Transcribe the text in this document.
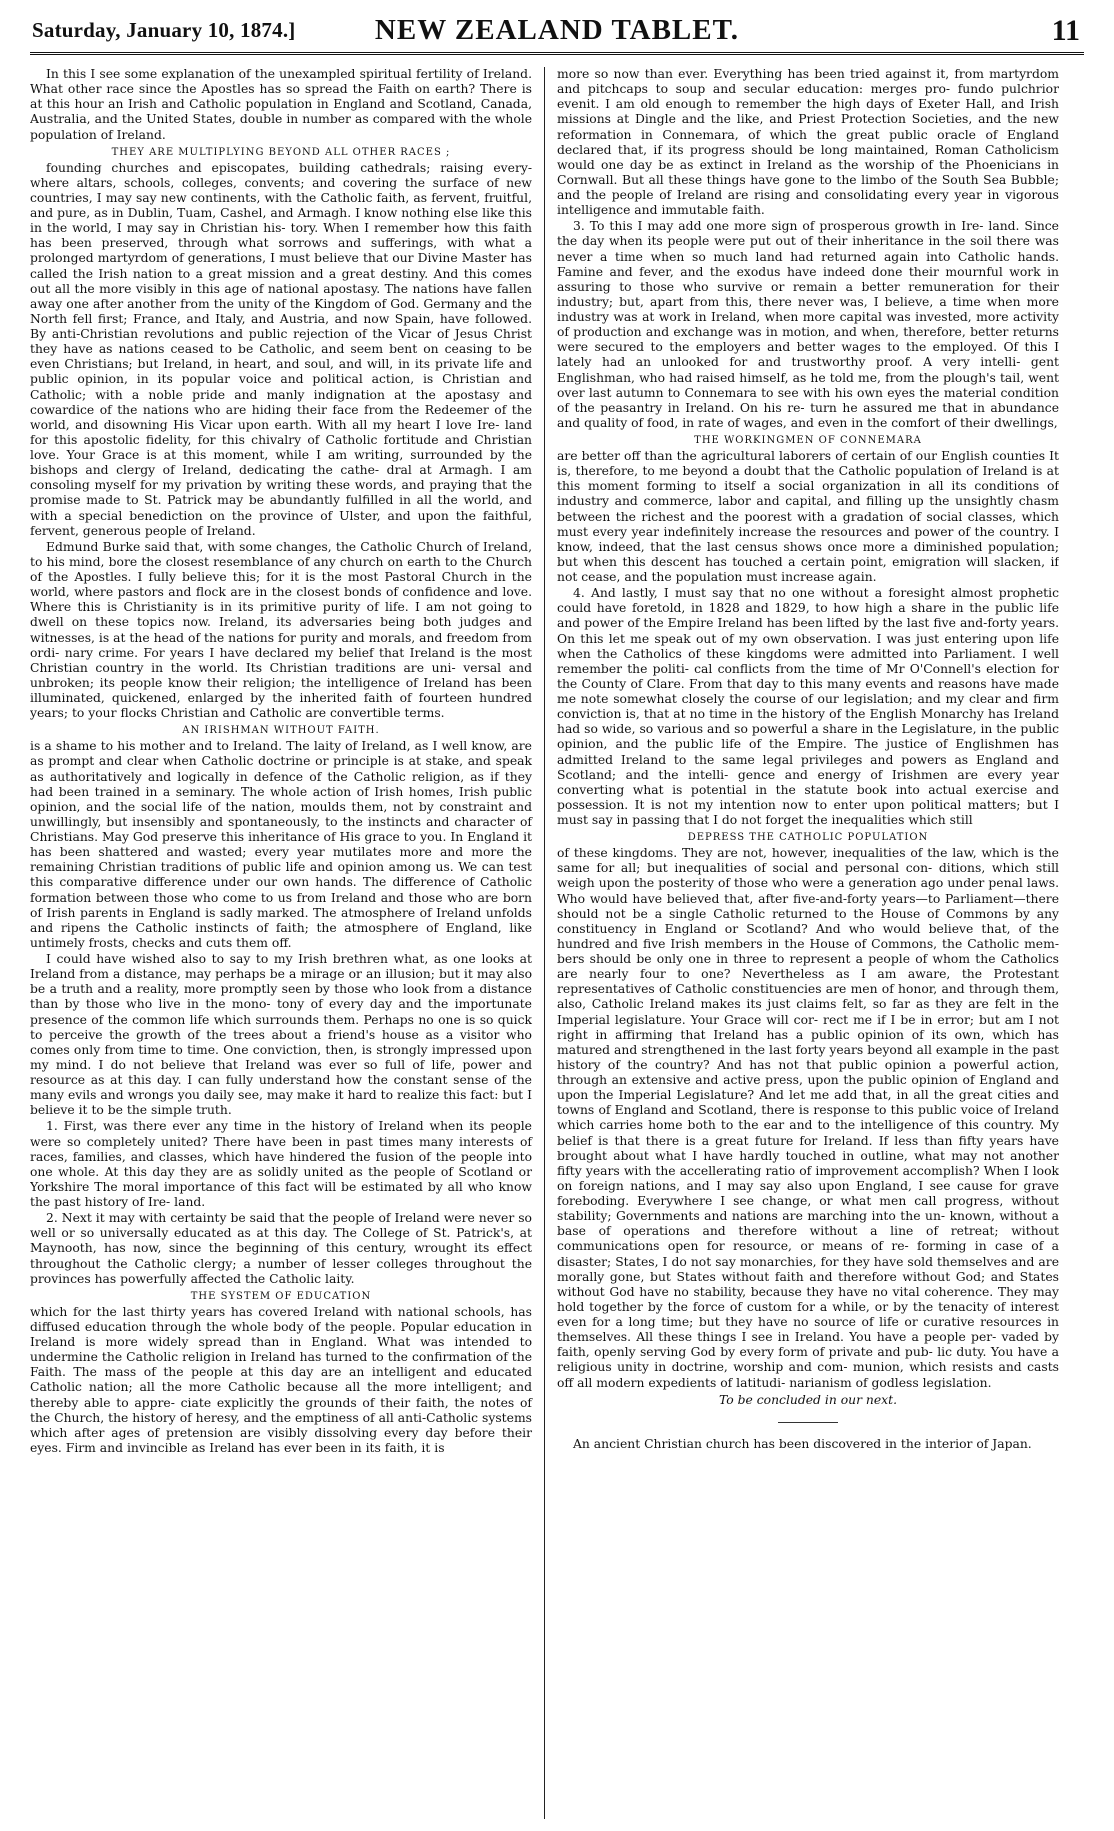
Saturday, January 10, 1874.]	NEW ZEALAND TABLET.	11

In this I see some explanation of the unexampled spiritual fertility of Ireland. What other race since the Apostles has so spread the Faith on earth? There is at this hour an Irish and Catholic population in England and Scotland, Canada, Australia, and the United States, double in number as compared with the whole population of Ireland.

THEY ARE MULTIPLYING BEYOND ALL OTHER RACES ;

founding churches and episcopates, building cathedrals; raising every- where altars, schools, colleges, convents; and covering the surface of new countries, I may say new continents, with the Catholic faith, as fervent, fruitful, and pure, as in Dublin, Tuam, Cashel, and Armagh. I know nothing else like this in the world, I may say in Christian his- tory. When I remember how this faith has been preserved, through what sorrows and sufferings, with what a prolonged martyrdom of generations, I must believe that our Divine Master has called the Irish nation to a great mission and a great destiny. And this comes out all the more visibly in this age of national apostasy. The nations have fallen away one after another from the unity of the Kingdom of God. Germany and the North fell first; France, and Italy, and Austria, and now Spain, have followed. By anti-Christian revolutions and public rejection of the Vicar of Jesus Christ they have as nations ceased to be Catholic, and seem bent on ceasing to be even Christians; but Ireland, in heart, and soul, and will, in its private life and public opinion, in its popular voice and political action, is Christian and Catholic; with a noble pride and manly indignation at the apostasy and cowardice of the nations who are hiding their face from the Redeemer of the world, and disowning His Vicar upon earth. With all my heart I love Ire- land for this apostolic fidelity, for this chivalry of Catholic fortitude and Christian love. Your Grace is at this moment, while I am writing, surrounded by the bishops and clergy of Ireland, dedicating the cathe- dral at Armagh. I am consoling myself for my privation by writing these words, and praying that the promise made to St. Patrick may be abundantly fulfilled in all the world, and with a special benediction on the province of Ulster, and upon the faithful, fervent, generous people of Ireland.

Edmund Burke said that, with some changes, the Catholic Church of Ireland, to his mind, bore the closest resemblance of any church on earth to the Church of the Apostles. I fully believe this; for it is the most Pastoral Church in the world, where pastors and flock are in the closest bonds of confidence and love. Where this is Christianity is in its primitive purity of life. I am not going to dwell on these topics now. Ireland, its adversaries being both judges and witnesses, is at the head of the nations for purity and morals, and freedom from ordi- nary crime. For years I have declared my belief that Ireland is the most Christian country in the world. Its Christian traditions are uni- versal and unbroken; its people know their religion; the intelligence of Ireland has been illuminated, quickened, enlarged by the inherited faith of fourteen hundred years; to your flocks Christian and Catholic are convertible terms.

AN IRISHMAN WITHOUT FAITH.

is a shame to his mother and to Ireland. The laity of Ireland, as I well know, are as prompt and clear when Catholic doctrine or principle is at stake, and speak as authoritatively and logically in defence of the Catholic religion, as if they had been trained in a seminary. The whole action of Irish homes, Irish public opinion, and the social life of the nation, moulds them, not by constraint and unwillingly, but insensibly and spontaneously, to the instincts and character of Christians. May God preserve this inheritance of His grace to you. In England it has been shattered and wasted; every year mutilates more and more the remaining Christian traditions of public life and opinion among us. We can test this comparative difference under our own hands. The difference of Catholic formation between those who come to us from Ireland and those who are born of Irish parents in England is sadly marked. The atmosphere of Ireland unfolds and ripens the Catholic instincts of faith; the atmosphere of England, like untimely frosts, checks and cuts them off.

I could have wished also to say to my Irish brethren what, as one looks at Ireland from a distance, may perhaps be a mirage or an illusion; but it may also be a truth and a reality, more promptly seen by those who look from a distance than by those who live in the mono- tony of every day and the importunate presence of the common life which surrounds them. Perhaps no one is so quick to perceive the growth of the trees about a friend's house as a visitor who comes only from time to time. One conviction, then, is strongly impressed upon my mind. I do not believe that Ireland was ever so full of life, power and resource as at this day. I can fully understand how the constant sense of the many evils and wrongs you daily see, may make it hard to realize this fact: but I believe it to be the simple truth.

1. First, was there ever any time in the history of Ireland when its people were so completely united? There have been in past times many interests of races, families, and classes, which have hindered the fusion of the people into one whole. At this day they are as solidly united as the people of Scotland or Yorkshire The moral importance of this fact will be estimated by all who know the past history of Ire- land.

2. Next it may with certainty be said that the people of Ireland were never so well or so universally educated as at this day. The College of St. Patrick's, at Maynooth, has now, since the beginning of this century, wrought its effect throughout the Catholic clergy; a number of lesser colleges throughout the provinces has powerfully affected the Catholic laity.

THE SYSTEM OF EDUCATION

which for the last thirty years has covered Ireland with national schools, has diffused education through the whole body of the people. Popular education in Ireland is more widely spread than in England. What was intended to undermine the Catholic religion in Ireland has turned to the confirmation of the Faith. The mass of the people at this day are an intelligent and educated Catholic nation; all the more Catholic because all the more intelligent; and thereby able to appre- ciate explicitly the grounds of their faith, the notes of the Church, the history of heresy, and the emptiness of all anti-Catholic systems which after ages of pretension are visibly dissolving every day before their eyes. Firm and invincible as Ireland has ever been in its faith, it is

more so now than ever. Everything has been tried against it, from martyrdom and pitchcaps to soup and secular education: merges pro- fundo pulchrior evenit. I am old enough to remember the high days of Exeter Hall, and Irish missions at Dingle and the like, and Priest Protection Societies, and the new reformation in Connemara, of which the great public oracle of England declared that, if its progress should be long maintained, Roman Catholicism would one day be as extinct in Ireland as the worship of the Phoenicians in Cornwall. But all these things have gone to the limbo of the South Sea Bubble; and the people of Ireland are rising and consolidating every year in vigorous intelligence and immutable faith.

3. To this I may add one more sign of prosperous growth in Ire- land. Since the day when its people were put out of their inheritance in the soil there was never a time when so much land had returned again into Catholic hands. Famine and fever, and the exodus have indeed done their mournful work in assuring to those who survive or remain a better remuneration for their industry; but, apart from this, there never was, I believe, a time when more industry was at work in Ireland, when more capital was invested, more activity of production and exchange was in motion, and when, therefore, better returns were secured to the employers and better wages to the employed. Of this I lately had an unlooked for and trustworthy proof. A very intelli- gent Englishman, who had raised himself, as he told me, from the plough's tail, went over last autumn to Connemara to see with his own eyes the material condition of the peasantry in Ireland. On his re- turn he assured me that in abundance and quality of food, in rate of wages, and even in the comfort of their dwellings,

THE WORKINGMEN OF CONNEMARA

are better off than the agricultural laborers of certain of our English counties It is, therefore, to me beyond a doubt that the Catholic population of Ireland is at this moment forming to itself a social organization in all its conditions of industry and commerce, labor and capital, and filling up the unsightly chasm between the richest and the poorest with a gradation of social classes, which must every year indefinitely increase the resources and power of the country. I know, indeed, that the last census shows once more a diminished population; but when this descent has touched a certain point, emigration will slacken, if not cease, and the population must increase again.

4. And lastly, I must say that no one without a foresight almost prophetic could have foretold, in 1828 and 1829, to how high a share in the public life and power of the Empire Ireland has been lifted by the last five and-forty years. On this let me speak out of my own observation. I was just entering upon life when the Catholics of these kingdoms were admitted into Parliament. I well remember the politi- cal conflicts from the time of Mr O'Connell's election for the County of Clare. From that day to this many events and reasons have made me note somewhat closely the course of our legislation; and my clear and firm conviction is, that at no time in the history of the English Monarchy has Ireland had so wide, so various and so powerful a share in the Legislature, in the public opinion, and the public life of the Empire. The justice of Englishmen has admitted Ireland to the same legal privileges and powers as England and Scotland; and the intelli- gence and energy of Irishmen are every year converting what is potential in the statute book into actual exercise and possession. It is not my intention now to enter upon political matters; but I must say in passing that I do not forget the inequalities which still

DEPRESS THE CATHOLIC POPULATION

of these kingdoms. They are not, however, inequalities of the law, which is the same for all; but inequalities of social and personal con- ditions, which still weigh upon the posterity of those who were a generation ago under penal laws. Who would have believed that, after five-and-forty years—to Parliament—there should not be a single Catholic returned to the House of Commons by any constituency in England or Scotland? And who would believe that, of the hundred and five Irish members in the House of Commons, the Catholic mem- bers should be only one in three to represent a people of whom the Catholics are nearly four to one? Nevertheless as I am aware, the Protestant representatives of Catholic constituencies are men of honor, and through them, also, Catholic Ireland makes its just claims felt, so far as they are felt in the Imperial legislature. Your Grace will cor- rect me if I be in error; but am I not right in affirming that Ireland has a public opinion of its own, which has matured and strengthened in the last forty years beyond all example in the past history of the country? And has not that public opinion a powerful action, through an extensive and active press, upon the public opinion of England and upon the Imperial Legislature? And let me add that, in all the great cities and towns of England and Scotland, there is response to this public voice of Ireland which carries home both to the ear and to the intelligence of this country. My belief is that there is a great future for Ireland. If less than fifty years have brought about what I have hardly touched in outline, what may not another fifty years with the accellerating ratio of improvement accomplish? When I look on foreign nations, and I may say also upon England, I see cause for grave foreboding. Everywhere I see change, or what men call progress, without stability; Governments and nations are marching into the un- known, without a base of operations and therefore without a line of retreat; without communications open for resource, or means of re- forming in case of a disaster; States, I do not say monarchies, for they have sold themselves and are morally gone, but States without faith and therefore without God; and States without God have no stability, because they have no vital coherence. They may hold together by the force of custom for a while, or by the tenacity of interest even for a long time; but they have no source of life or curative resources in themselves. All these things I see in Ireland. You have a people per- vaded by faith, openly serving God by every form of private and pub- lic duty. You have a religious unity in doctrine, worship and com- munion, which resists and casts off all modern expedients of latitudi- narianism of godless legislation.

To be concluded in our next.

An ancient Christian church has been discovered in the interior of Japan.
